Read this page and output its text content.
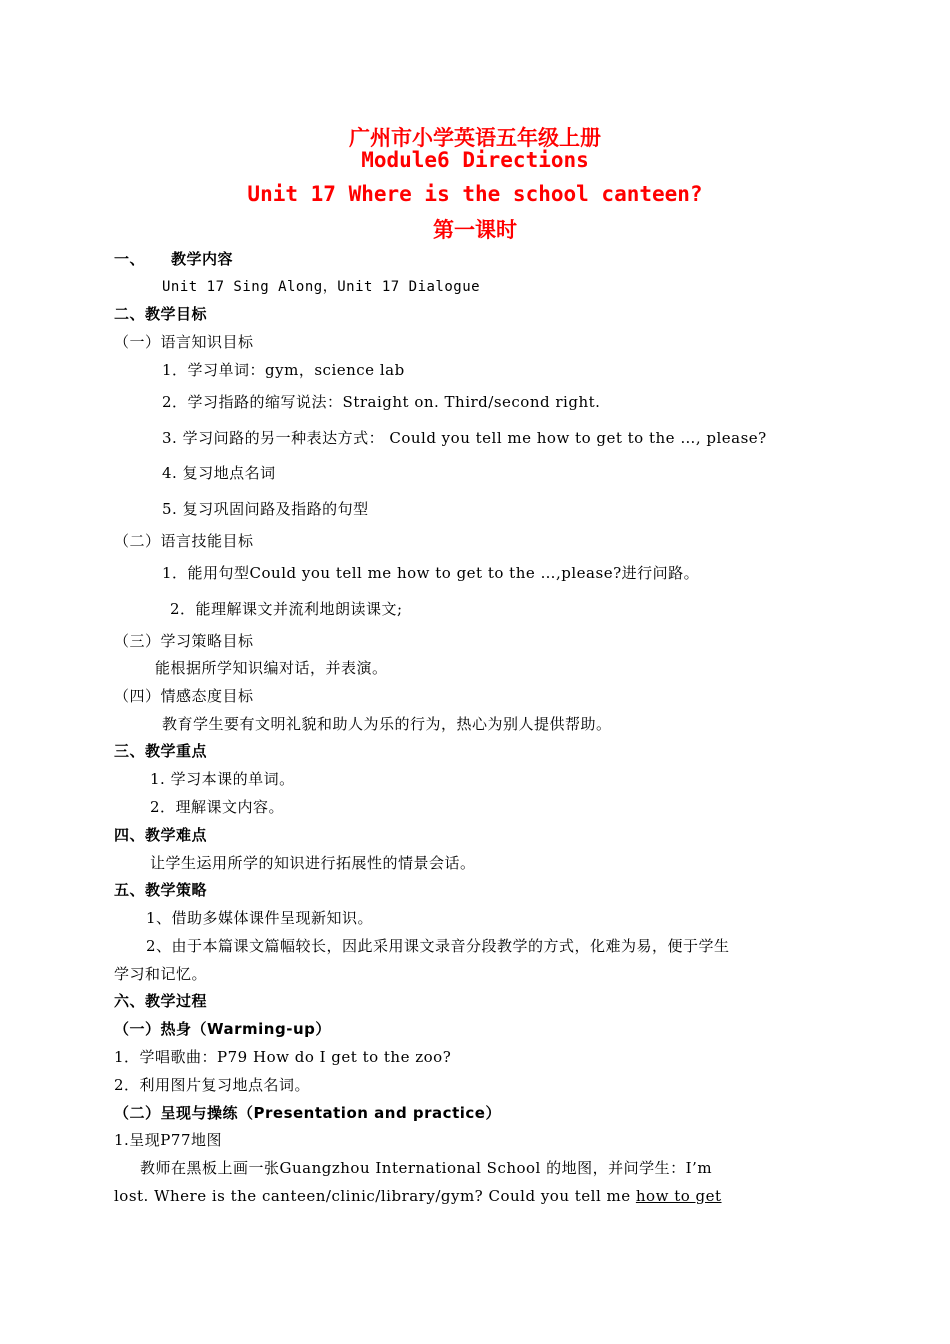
广州市小学英语五年级上册
Module6 Directions
Unit 17 Where is the school canteen?
第一课时
一、 教学内容
Unit 17 Sing Along，Unit 17 Dialogue
二、教学目标
（一）语言知识目标
1．学习单词：gym，science lab
2．学习指路的缩写说法：Straight on. Third/second right.
3. 学习问路的另一种表达方式： Could you tell me how to get to the …, please?
4. 复习地点名词
5. 复习巩固问路及指路的句型
（二）语言技能目标
1．能用句型Could you tell me how to get to the …,please?进行问路。
2．能理解课文并流利地朗读课文;
（三）学习策略目标
能根据所学知识编对话，并表演。
（四）情感态度目标
教育学生要有文明礼貌和助人为乐的行为，热心为别人提供帮助。
三、教学重点
1. 学习本课的单词。
2．理解课文内容。
四、教学难点
让学生运用所学的知识进行拓展性的情景会话。
五、教学策略
1、借助多媒体课件呈现新知识。
2、由于本篇课文篇幅较长，因此采用课文录音分段教学的方式，化难为易，便于学生
学习和记忆。
六、教学过程
（一）热身（Warming-up）
1．学唱歌曲：P79 How do I get to the zoo?
2．利用图片复习地点名词。
（二）呈现与操练（Presentation and practice）
1.呈现P77地图
教师在黑板上画一张Guangzhou International School 的地图，并问学生：I’m
lost. Where is the canteen/clinic/library/gym? Could you tell me how to get
